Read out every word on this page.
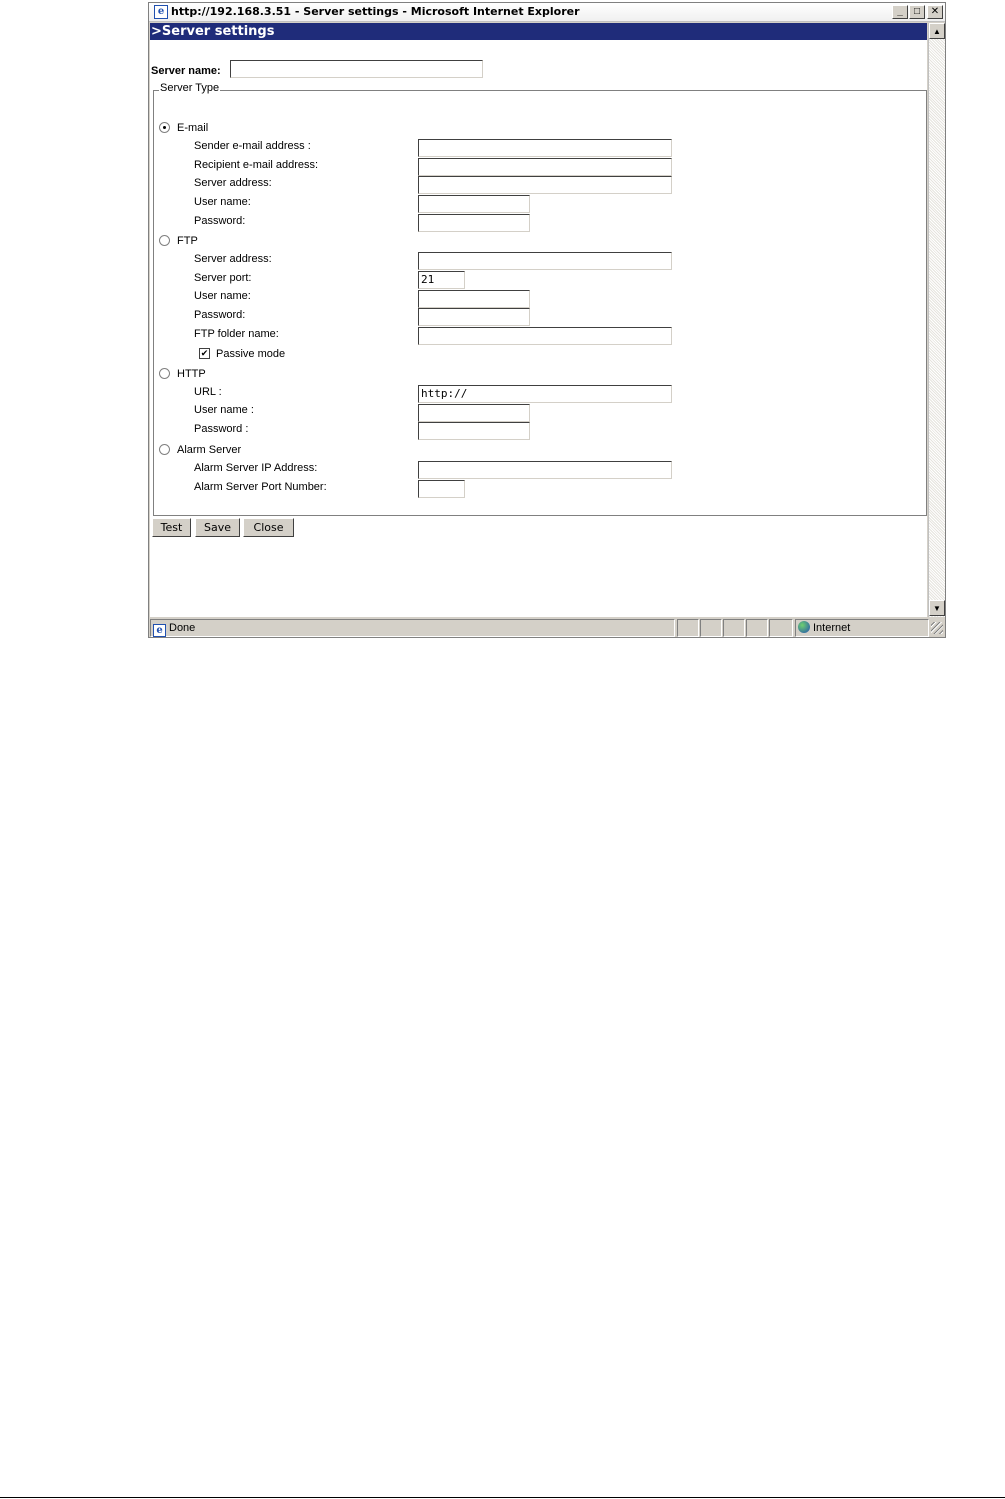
e http://192.168.3.51 - Server settings - Microsoft Internet Explorer	_	□	✕
>Server settings
Server name:
Server Type
E-mail
Sender e-mail address :
Recipient e-mail address:
Server address:
User name:
Password:
FTP
Server address:
Server port:	21
User name:
Password:
FTP folder name:
✔ Passive mode
HTTP
URL :	http://
User name :
Password :
Alarm Server
Alarm Server IP Address:
Alarm Server Port Number:
Test	Save	Close
▲
▼
e Done	Internet
